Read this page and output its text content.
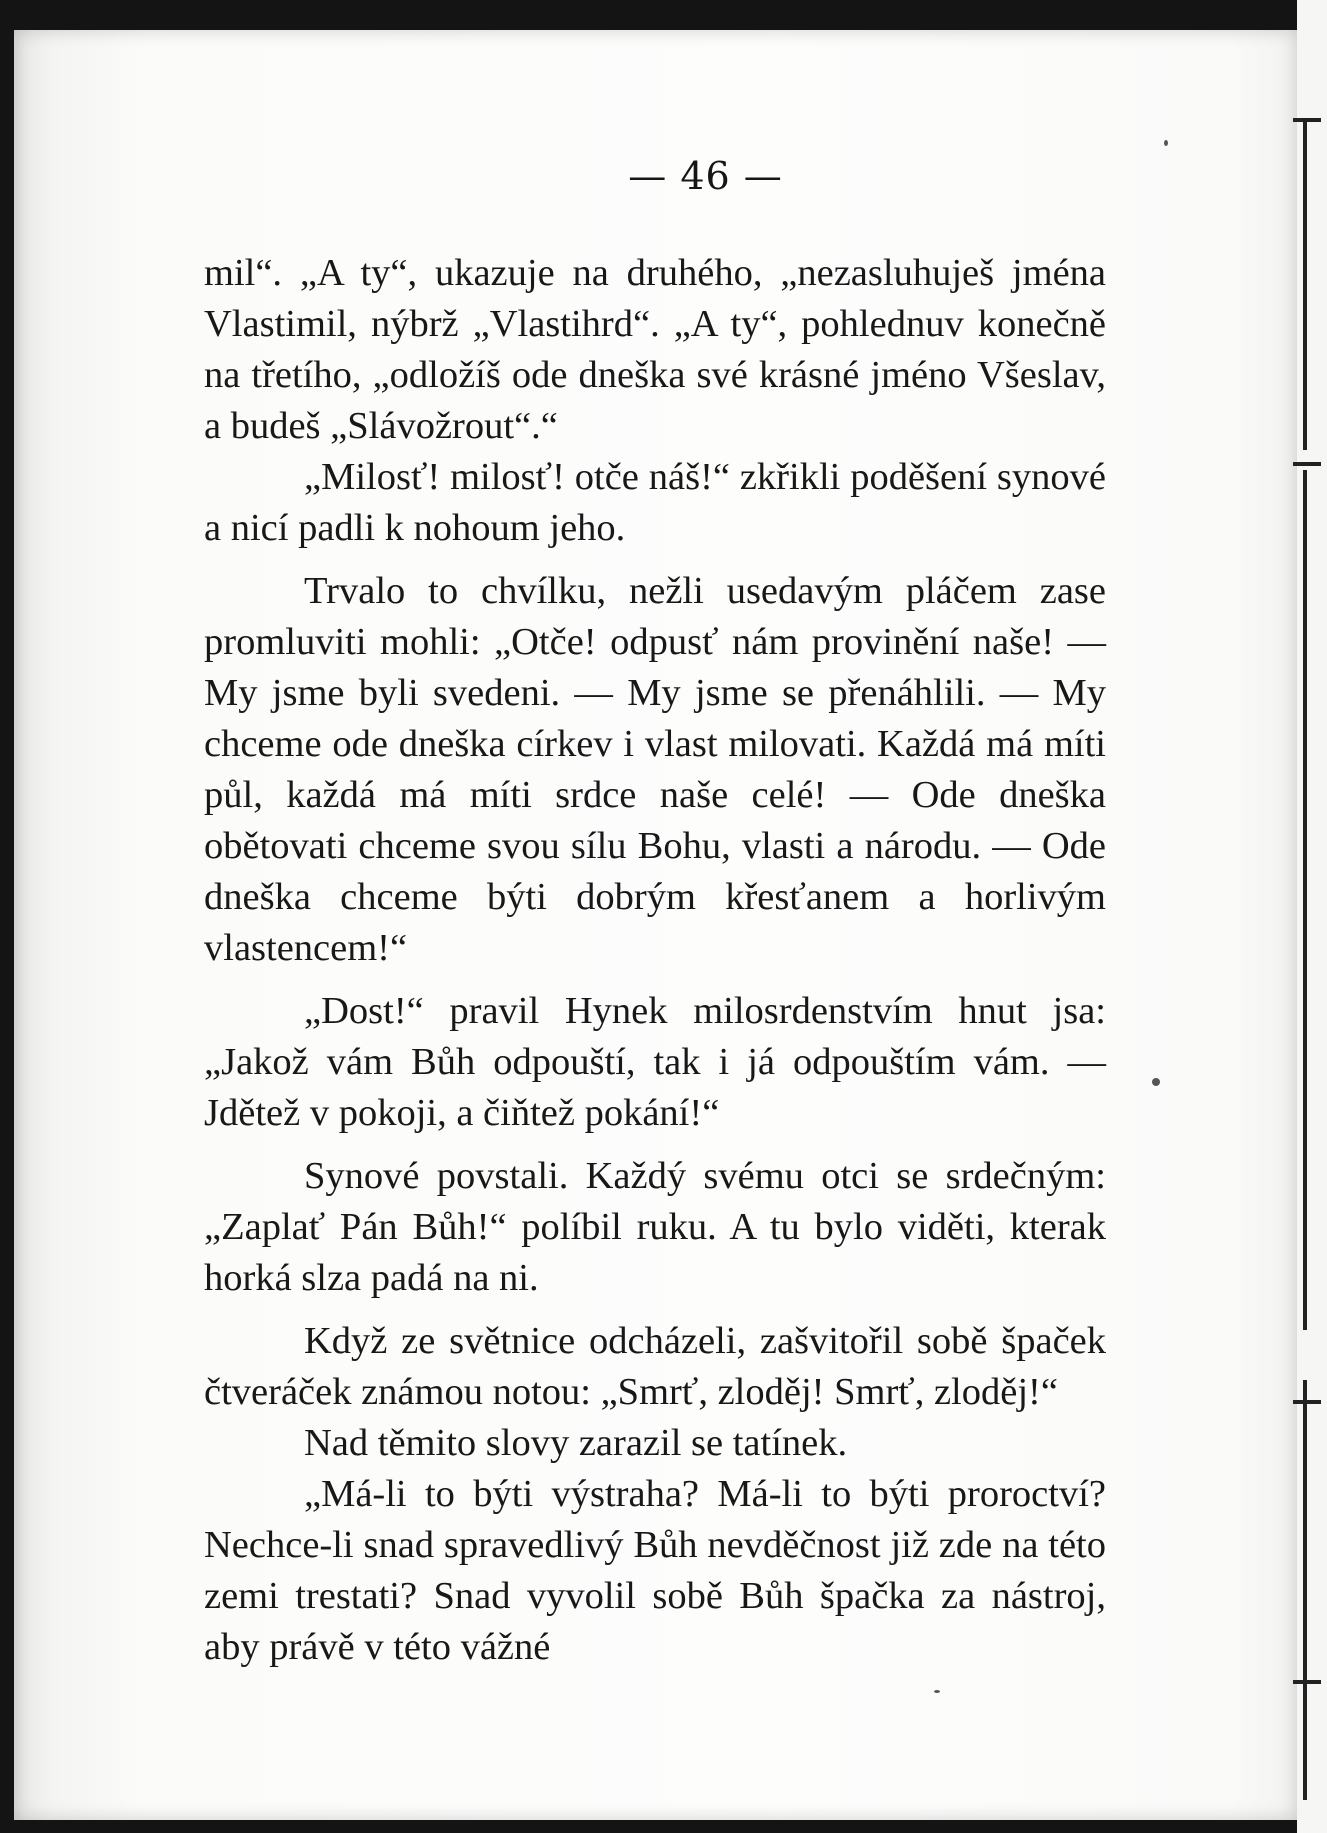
— 46 —

mil“. „A ty“, ukazuje na druhého, „nezasluhuješ jména Vlastimil, nýbrž „Vlastihrd“. „A ty“, pohlednuv konečně na třetího, „odložíš ode dneška své krásné jméno Všeslav, a budeš „Slávožrout“.“

„Milosť! milosť! otče náš!“ zkřikli poděšení synové a nicí padli k nohoum jeho.

Trvalo to chvílku, nežli usedavým pláčem zase promluviti mohli: „Otče! odpusť nám provinění naše! — My jsme byli svedeni. — My jsme se přenáhlili. — My chceme ode dneška církev i vlast milovati. Každá má míti půl, každá má míti srdce naše celé! — Ode dneška obětovati chceme svou sílu Bohu, vlasti a národu. — Ode dneška chceme býti dobrým křesťanem a horlivým vlastencem!“

„Dost!“ pravil Hynek milosrdenstvím hnut jsa: „Jakož vám Bůh odpouští, tak i já odpouštím vám. — Jdětež v pokoji, a čiňtež pokání!“

Synové povstali. Každý svému otci se srdečným: „Zaplať Pán Bůh!“ políbil ruku. A tu bylo viděti, kterak horká slza padá na ni.

Když ze světnice odcházeli, zašvitořil sobě špaček čtveráček známou notou: „Smrť, zloděj! Smrť, zloděj!“

Nad těmito slovy zarazil se tatínek.

„Má-li to býti výstraha? Má-li to býti proroctví? Nechce-li snad spravedlivý Bůh nevděčnost již zde na této zemi trestati? Snad vyvolil sobě Bůh špačka za nástroj, aby právě v této vážné
